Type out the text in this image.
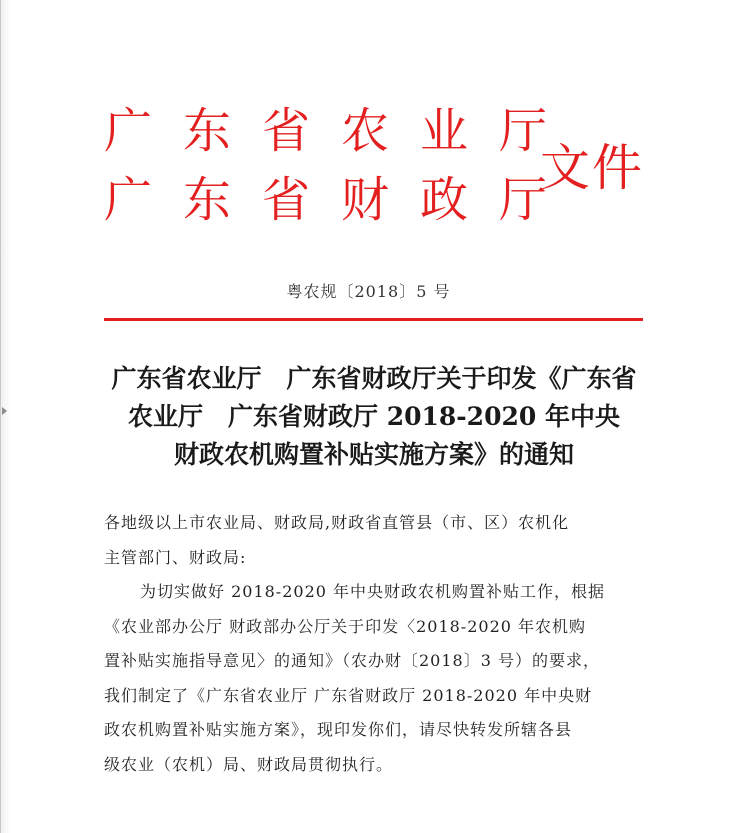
广东省农业厅
广东省财政厅
文件
粤农规〔2018〕5 号
广东省农业厅　广东省财政厅关于印发《广东省
农业厅　广东省财政厅 2018-2020 年中央
财政农机购置补贴实施方案》的通知
各地级以上市农业局、财政局,财政省直管县（市、区）农机化
主管部门、财政局:
为切实做好 2018-2020 年中央财政农机购置补贴工作，根据
《农业部办公厅 财政部办公厅关于印发〈2018-2020 年农机购
置补贴实施指导意见〉的通知》（农办财〔2018〕3 号）的要求，
我们制定了《广东省农业厅 广东省财政厅 2018-2020 年中央财
政农机购置补贴实施方案》，现印发你们，请尽快转发所辖各县
级农业（农机）局、财政局贯彻执行。
